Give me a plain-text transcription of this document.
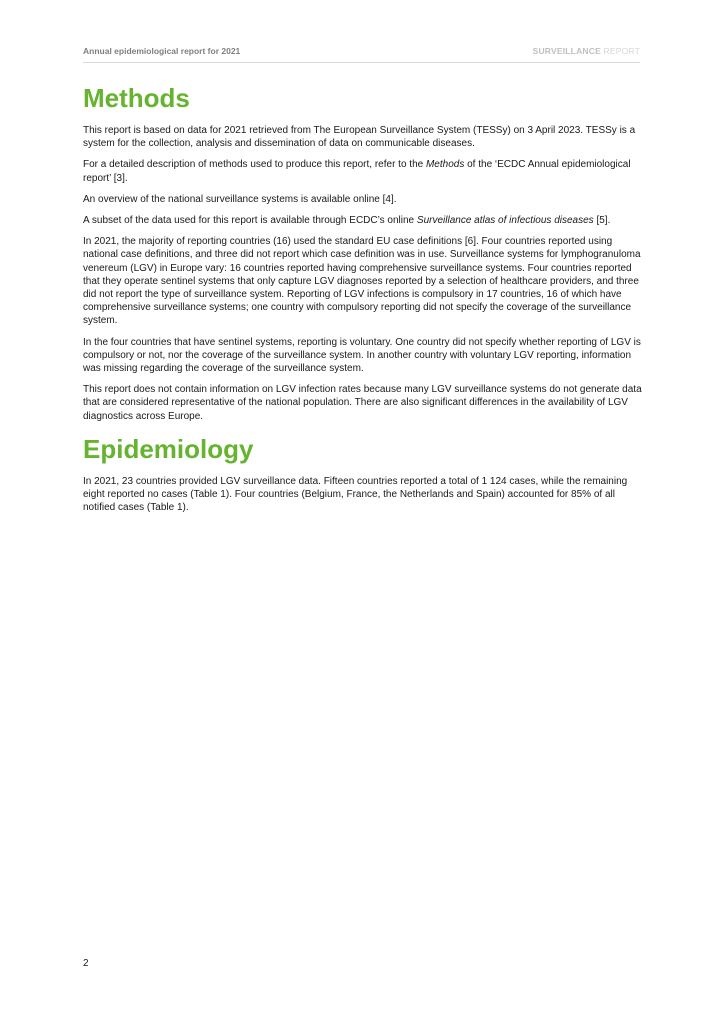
Annual epidemiological report for 2021	SURVEILLANCE REPORT
Methods

This report is based on data for 2021 retrieved from The European Surveillance System (TESSy) on 3 April 2023. TESSy is a system for the collection, analysis and dissemination of data on communicable diseases.

For a detailed description of methods used to produce this report, refer to the Methods of the ‘ECDC Annual epidemiological report’ [3].

An overview of the national surveillance systems is available online [4].

A subset of the data used for this report is available through ECDC’s online Surveillance atlas of infectious diseases [5].

In 2021, the majority of reporting countries (16) used the standard EU case definitions [6]. Four countries reported using national case definitions, and three did not report which case definition was in use. Surveillance systems for lymphogranuloma venereum (LGV) in Europe vary: 16 countries reported having comprehensive surveillance systems. Four countries reported that they operate sentinel systems that only capture LGV diagnoses reported by a selection of healthcare providers, and three did not report the type of surveillance system. Reporting of LGV infections is compulsory in 17 countries, 16 of which have comprehensive surveillance systems; one country with compulsory reporting did not specify the coverage of the surveillance system.

In the four countries that have sentinel systems, reporting is voluntary. One country did not specify whether reporting of LGV is compulsory or not, nor the coverage of the surveillance system. In another country with voluntary LGV reporting, information was missing regarding the coverage of the surveillance system.

This report does not contain information on LGV infection rates because many LGV surveillance systems do not generate data that are considered representative of the national population. There are also significant differences in the availability of LGV diagnostics across Europe.

Epidemiology

In 2021, 23 countries provided LGV surveillance data. Fifteen countries reported a total of 1 124 cases, while the remaining eight reported no cases (Table 1). Four countries (Belgium, France, the Netherlands and Spain) accounted for 85% of all notified cases (Table 1).

2
